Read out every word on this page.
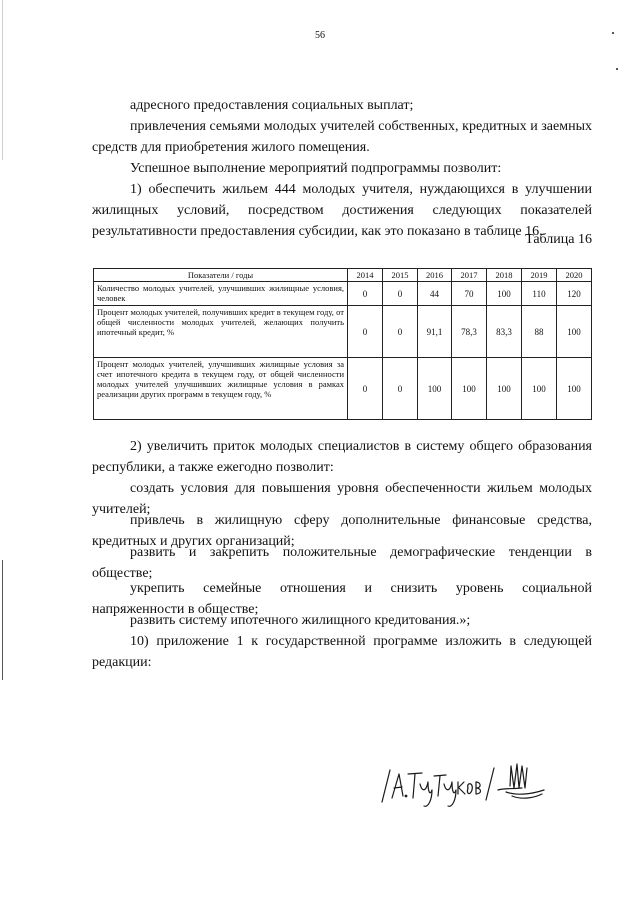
56

адресного предоставления социальных выплат;

привлечения семьями молодых учителей собственных, кредитных и заемных средств для приобретения жилого помещения.

Успешное выполнение мероприятий подпрограммы позволит:

1) обеспечить жильем 444 молодых учителя, нуждающихся в улучшении жилищных условий, посредством достижения следующих показателей результативности предоставления субсидии, как это показано в таблице 16.

Таблица 16
Показатели / годы	2014	2015	2016	2017	2018	2019	2020
Количество молодых учителей, улучшивших жилищные условия, человек	0	0	44	70	100	110	120
Процент молодых учителей, получивших кредит в текущем году, от общей численности молодых учителей, желающих получить ипотечный кредит, %	0	0	91,1	78,3	83,3	88	100
Процент молодых учителей, улучшивших жилищные условия за счет ипотечного кредита в текущем году, от общей численности молодых учителей улучшивших жилищные условия в рамках реализации других программ в текущем году, %	0	0	100	100	100	100	100

2) увеличить приток молодых специалистов в систему общего образования республики, а также ежегодно позволит:

создать условия для повышения уровня обеспеченности жильем молодых учителей;

привлечь в жилищную сферу дополнительные финансовые средства, кредитных и других организаций;

развить и закрепить положительные демографические тенденции в обществе;

укрепить семейные отношения и снизить уровень социальной напряженности в обществе;

развить систему ипотечного жилищного кредитования.»;

10) приложение 1 к государственной программе изложить в следующей редакции:
